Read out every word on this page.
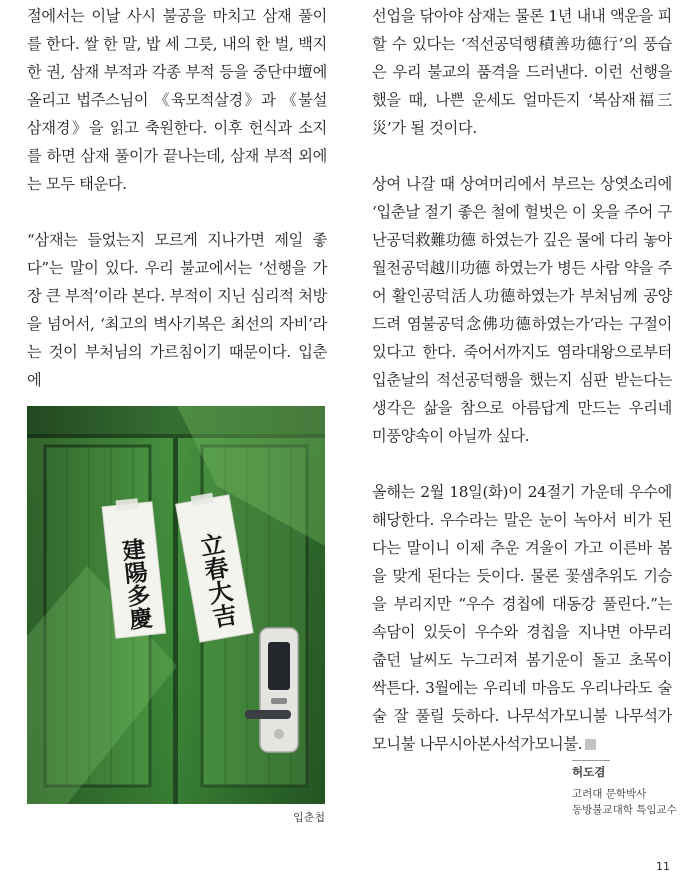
절에서는 이날 사시 불공을 마치고 삼재 풀이를 한다. 쌀 한 말, 밥 세 그릇, 내의 한 벌, 백지 한 권, 삼재 부적과 각종 부적 등을 중단中壇에 올리고 법주스님이 《육모적살경》과 《불설삼재경》을 읽고 축원한다. 이후 헌식과 소지를 하면 삼재 풀이가 끝나는데, 삼재 부적 외에는 모두 태운다.

“삼재는 들었는지 모르게 지나가면 제일 좋다”는 말이 있다. 우리 불교에서는 ‘선행을 가장 큰 부적’이라 본다. 부적이 지닌 심리적 처방을 넘어서, ‘최고의 벽사기복은 최선의 자비’라는 것이 부처님의 가르침이기 때문이다. 입춘에

建陽多慶 立春大吉
입춘첩

선업을 닦아야 삼재는 물론 1년 내내 액운을 피할 수 있다는 ‘적선공덕행積善功德行’의 풍습은 우리 불교의 품격을 드러낸다. 이런 선행을 했을 때, 나쁜 운세도 얼마든지 ‘복삼재福三災’가 될 것이다.

상여 나갈 때 상여머리에서 부르는 상엿소리에 ‘입춘날 절기 좋은 철에 헐벗은 이 옷을 주어 구난공덕救難功德 하였는가 깊은 물에 다리 놓아 월천공덕越川功德 하였는가 병든 사람 약을 주어 활인공덕活人功德하였는가 부처님께 공양드려 염불공덕念佛功德하였는가’라는 구절이 있다고 한다. 죽어서까지도 염라대왕으로부터 입춘날의 적선공덕행을 했는지 심판 받는다는 생각은 삶을 참으로 아름답게 만드는 우리네 미풍양속이 아닐까 싶다.

올해는 2월 18일(화)이 24절기 가운데 우수에 해당한다. 우수라는 말은 눈이 녹아서 비가 된다는 말이니 이제 추운 겨울이 가고 이른바 봄을 맞게 된다는 듯이다. 물론 꽃샘추위도 기승을 부리지만 “우수 경칩에 대동강 풀린다.”는 속담이 있듯이 우수와 경칩을 지나면 아무리 춥던 날씨도 누그러져 봄기운이 돌고 초목이 싹튼다. 3월에는 우리네 마음도 우리나라도 술술 잘 풀릴 듯하다. 나무석가모니불 나무석가모니불 나무시아본사석가모니불.

허도겸
고려대 문학박사
동방불교대학 특임교수
11
